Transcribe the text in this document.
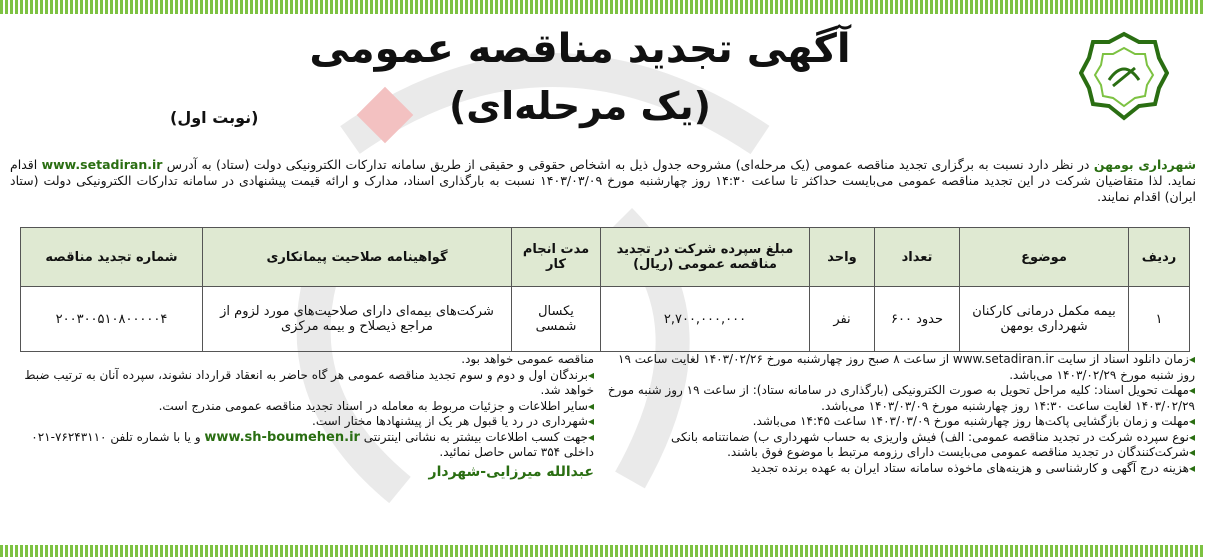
آگهی تجدید مناقصه عمومی
(یک مرحله‌ای)
(نوبت اول)
شهرداری بومهن در نظر دارد نسبت به برگزاری تجدید مناقصه عمومی (یک مرحله‌ای) مشروحه جدول ذیل به اشخاص حقوقی و حقیقی از طریق سامانه تدارکات الکترونیکی دولت (ستاد) به آدرس www.setadiran.ir اقدام نماید. لذا متقاضیان شرکت در این تجدید مناقصه عمومی می‌بایست حداکثر تا ساعت ۱۴:۳۰ روز چهارشنبه مورخ ۱۴۰۳/۰۳/۰۹ نسبت به بارگذاری اسناد، مدارک و ارائه قیمت پیشنهادی در سامانه تدارکات الکترونیکی دولت (ستاد ایران) اقدام نمایند.
ردیف	موضوع	تعداد	واحد	مبلغ سپرده شرکت در تجدید مناقصه عمومی (ریال)	مدت انجام کار	گواهینامه صلاحیت پیمانکاری	شماره تجدید مناقصه
۱	بیمه مکمل درمانی کارکنان شهرداری بومهن	حدود ۶۰۰	نفر	۲,۷۰۰,۰۰۰,۰۰۰	یکسال شمسی	شرکت‌های بیمه‌ای دارای صلاحیت‌های مورد لزوم از مراجع ذیصلاح و بیمه مرکزی	۲۰۰۳۰۰۵۱۰۸۰۰۰۰۰۴

◂زمان دانلود اسناد از سایت www.setadiran.ir از ساعت ۸ صبح روز چهارشنبه مورخ ۱۴۰۳/۰۲/۲۶ لغایت ساعت ۱۹ روز شنبه مورخ ۱۴۰۳/۰۲/۲۹ می‌باشد.

◂مهلت تحویل اسناد: کلیه مراحل تحویل به صورت الکترونیکی (بارگذاری در سامانه ستاد): از ساعت ۱۹ روز شنبه مورخ ۱۴۰۳/۰۲/۲۹ لغایت ساعت ۱۴:۳۰ روز چهارشنبه مورخ ۱۴۰۳/۰۳/۰۹ می‌باشد.

◂مهلت و زمان بازگشایی پاکت‌ها روز چهارشنبه مورخ ۱۴۰۳/۰۳/۰۹ ساعت ۱۴:۴۵ می‌باشد.

◂نوع سپرده شرکت در تجدید مناقصه عمومی: الف) فیش واریزی به حساب شهرداری ب) ضمانتنامه بانکی

◂شرکت‌کنندگان در تجدید مناقصه عمومی می‌بایست دارای رزومه مرتبط با موضوع فوق باشند.

◂هزینه درج آگهی و کارشناسی و هزینه‌های ماخوذه سامانه ستاد ایران به عهده برنده تجدید

مناقصه عمومی خواهد بود.

◂برندگان اول و دوم و سوم تجدید مناقصه عمومی هر گاه حاضر به انعقاد قرارداد نشوند، سپرده آنان به ترتیب ضبط خواهد شد.

◂سایر اطلاعات و جزئیات مربوط به معامله در اسناد تجدید مناقصه عمومی مندرج است.

◂شهرداری در رد یا قبول هر یک از پیشنهادها مختار است.

◂جهت کسب اطلاعات بیشتر به نشانی اینترنتی www.sh-boumehen.ir و یا با شماره تلفن ۷۶۲۴۳۱۱۰-۰۲۱ داخلی ۳۵۴ تماس حاصل نمائید.

عبدالله میرزایی-شهردار
